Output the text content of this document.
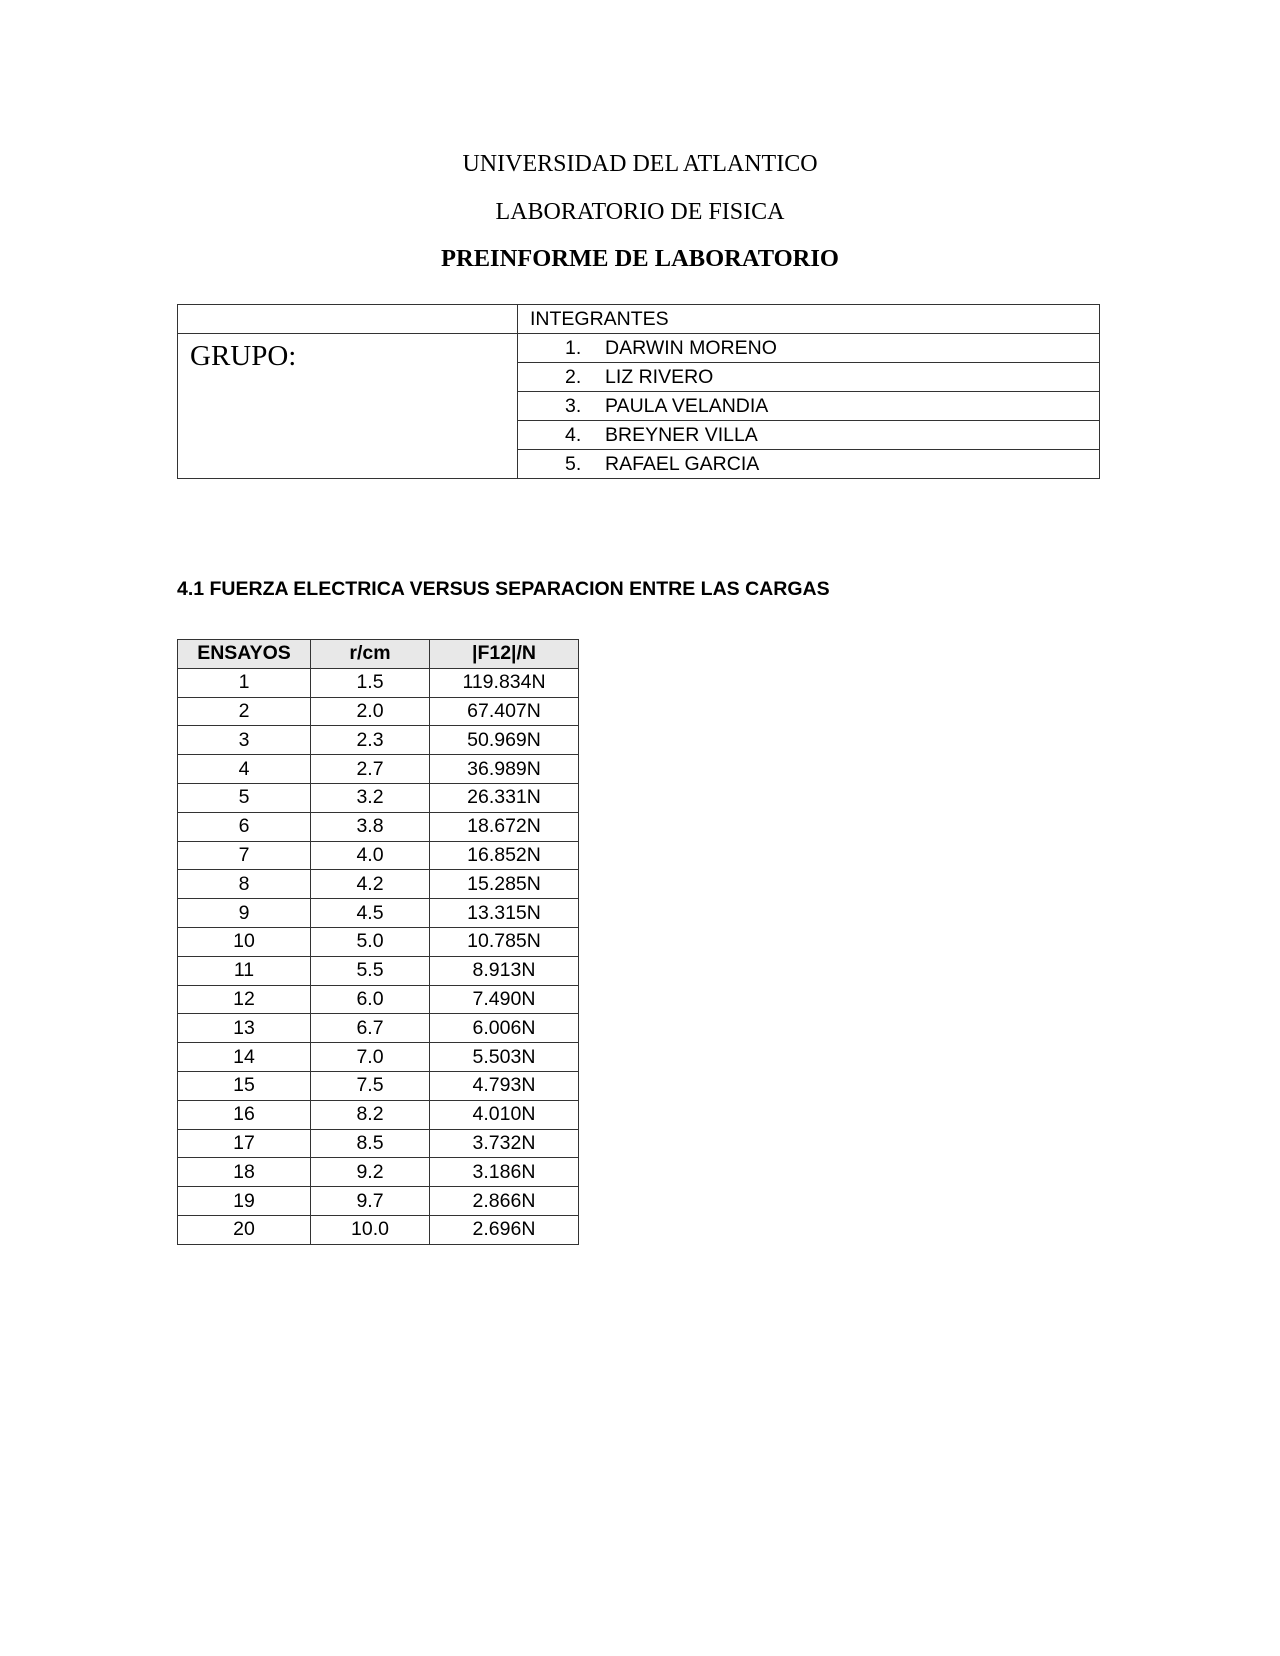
UNIVERSIDAD DEL ATLANTICO
LABORATORIO DE FISICA
PREINFORME DE LABORATORIO
GRUPO:
INTEGRANTES
1.	DARWIN MORENO
2.	LIZ RIVERO
3.	PAULA VELANDIA
4.	BREYNER VILLA
5.	RAFAEL GARCIA
4.1 FUERZA ELECTRICA VERSUS SEPARACION ENTRE LAS CARGAS
ENSAYOS	r/cm	|F12|/N
1	1.5	119.834N
2	2.0	67.407N
3	2.3	50.969N
4	2.7	36.989N
5	3.2	26.331N
6	3.8	18.672N
7	4.0	16.852N
8	4.2	15.285N
9	4.5	13.315N
10	5.0	10.785N
11	5.5	8.913N
12	6.0	7.490N
13	6.7	6.006N
14	7.0	5.503N
15	7.5	4.793N
16	8.2	4.010N
17	8.5	3.732N
18	9.2	3.186N
19	9.7	2.866N
20	10.0	2.696N
